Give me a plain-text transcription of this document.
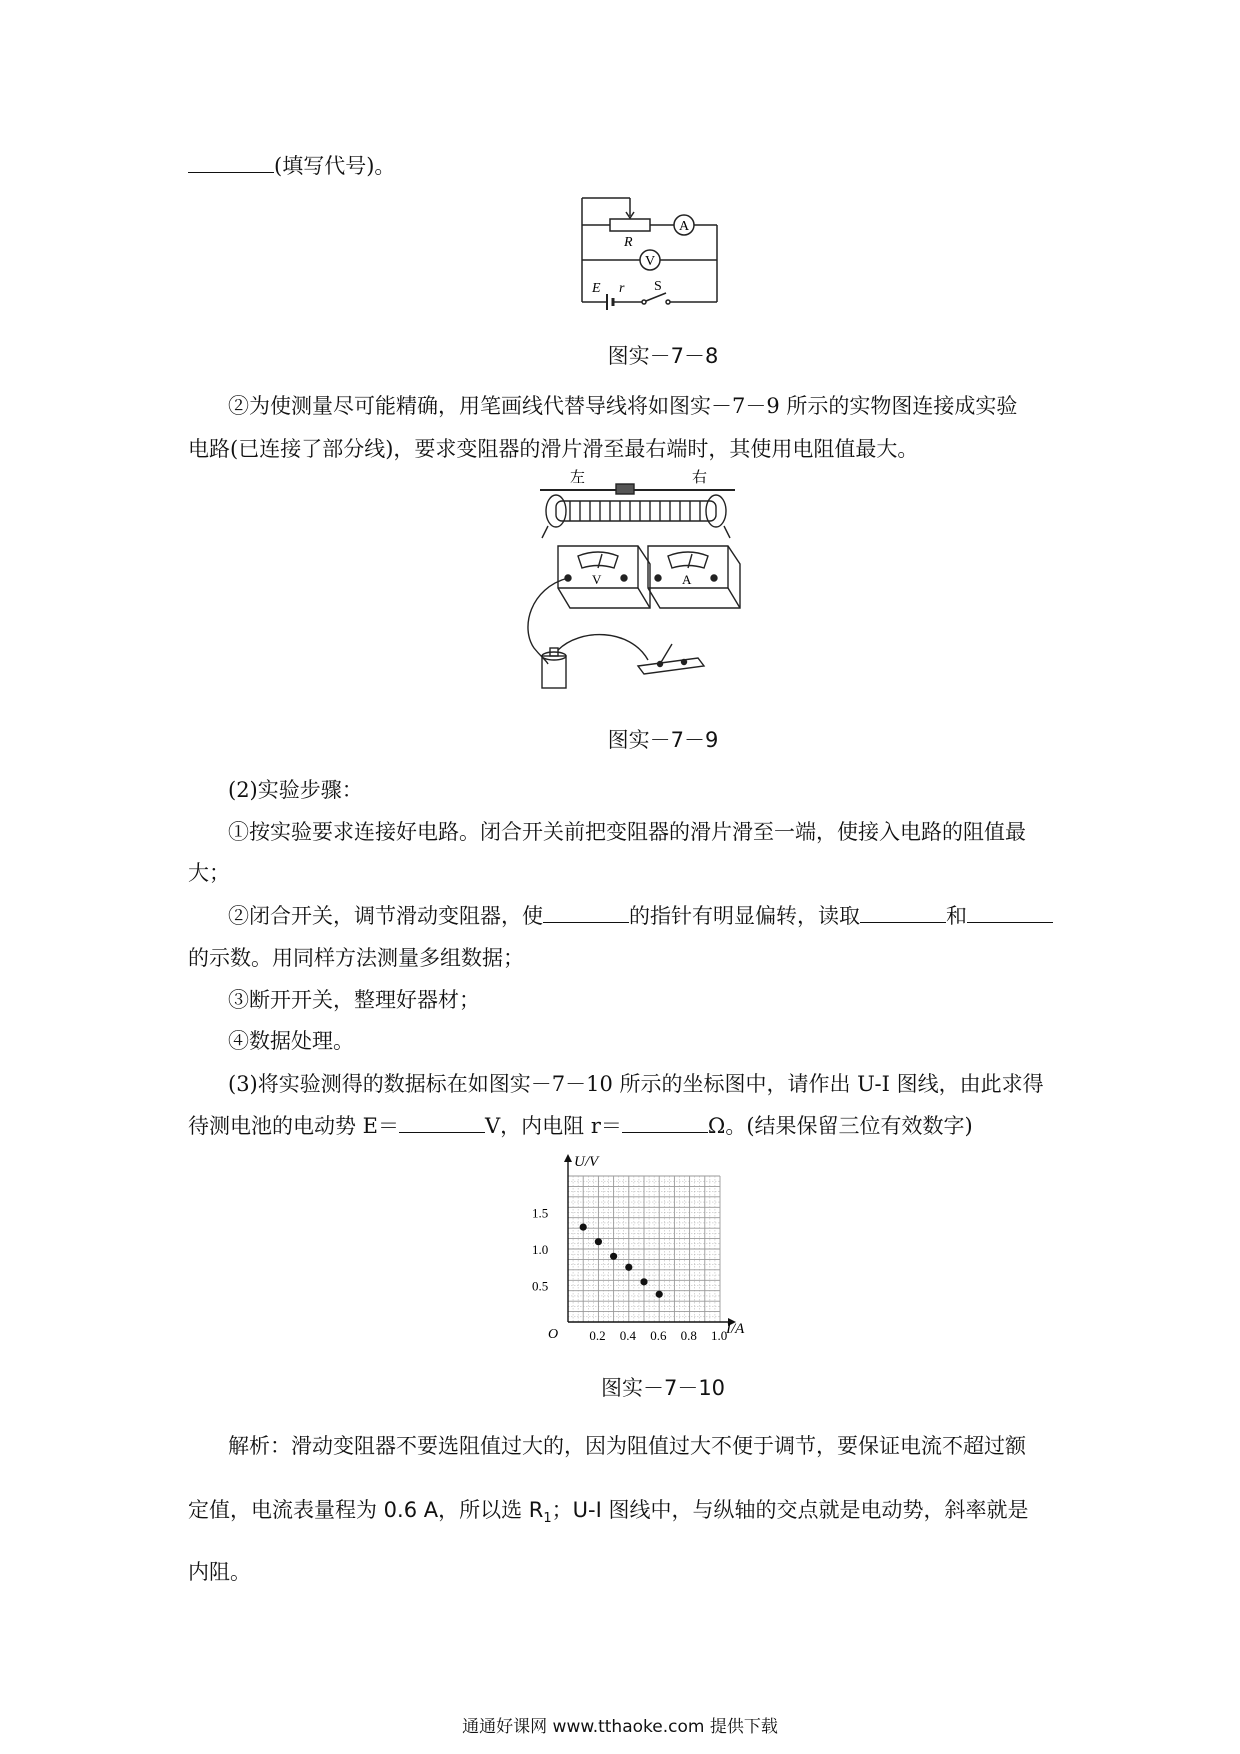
(填写代号)。
R
A
V
E r S
图实－7－8
②为使测量尽可能精确，用笔画线代替导线将如图实－7－9 所示的实物图连接成实验
电路(已连接了部分线)，要求变阻器的滑片滑至最右端时，其使用电阻值最大。
左	右
V	A
图实－7－9
(2)实验步骤：
①按实验要求连接好电路。闭合开关前把变阻器的滑片滑至一端，使接入电路的阻值最
大；
②闭合开关，调节滑动变阻器，使	的指针有明显偏转，读取	和
的示数。用同样方法测量多组数据；
③断开开关，整理好器材；
④数据处理。
(3)将实验测得的数据标在如图实－7－10 所示的坐标图中，请作出 U-I 图线，由此求得
待测电池的电动势 E＝	V，内电阻 r＝	Ω。(结果保留三位有效数字)
0.2 0.4 0.6 0.8 1.0
0.5
1.0
1.5
U/V
I/A
O
图实－7－10
解析：滑动变阻器不要选阻值过大的，因为阻值过大不便于调节，要保证电流不超过额
定值，电流表量程为 0.6 A，所以选 $R_1$；U-I 图线中，与纵轴的交点就是电动势，斜率就是
内阻。
通通好课网 www.tthaoke.com 提供下载
